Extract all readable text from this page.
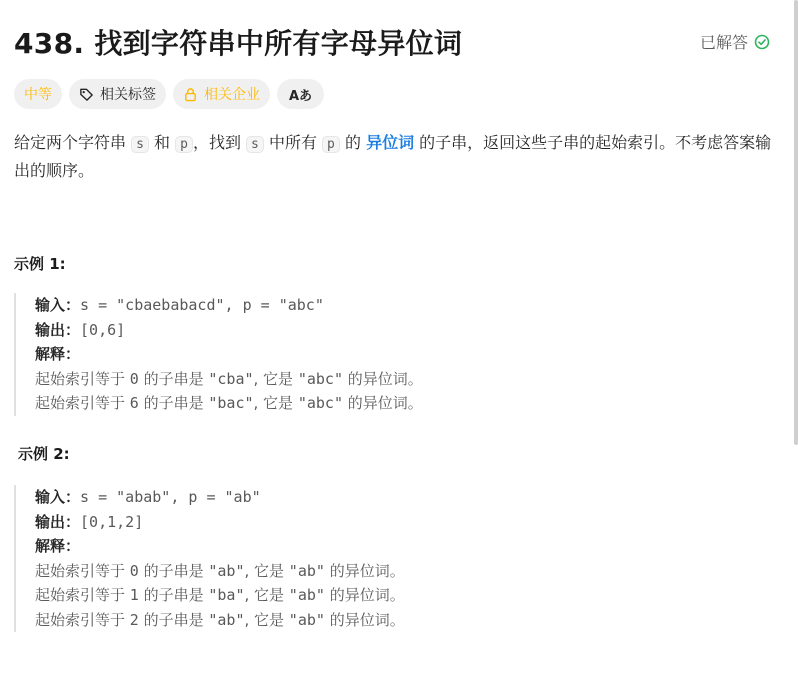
438. 找到字符串中所有字母异位词	已解答
中等	相关标签	相关企业 Aあ
给定两个字符串 s 和 p ，找到 s 中所有 p 的 异位词 的子串，返回这些子串的起始索引。不考虑答案输出的顺序。
示例 1:
输入：s = "cbaebabacd", p = "abc"
输出：[0,6]
解释：
起始索引等于 0 的子串是 "cba", 它是 "abc" 的异位词。
起始索引等于 6 的子串是 "bac", 它是 "abc" 的异位词。
示例 2:
输入：s = "abab", p = "ab"
输出：[0,1,2]
解释：
起始索引等于 0 的子串是 "ab", 它是 "ab" 的异位词。
起始索引等于 1 的子串是 "ba", 它是 "ab" 的异位词。
起始索引等于 2 的子串是 "ab", 它是 "ab" 的异位词。
